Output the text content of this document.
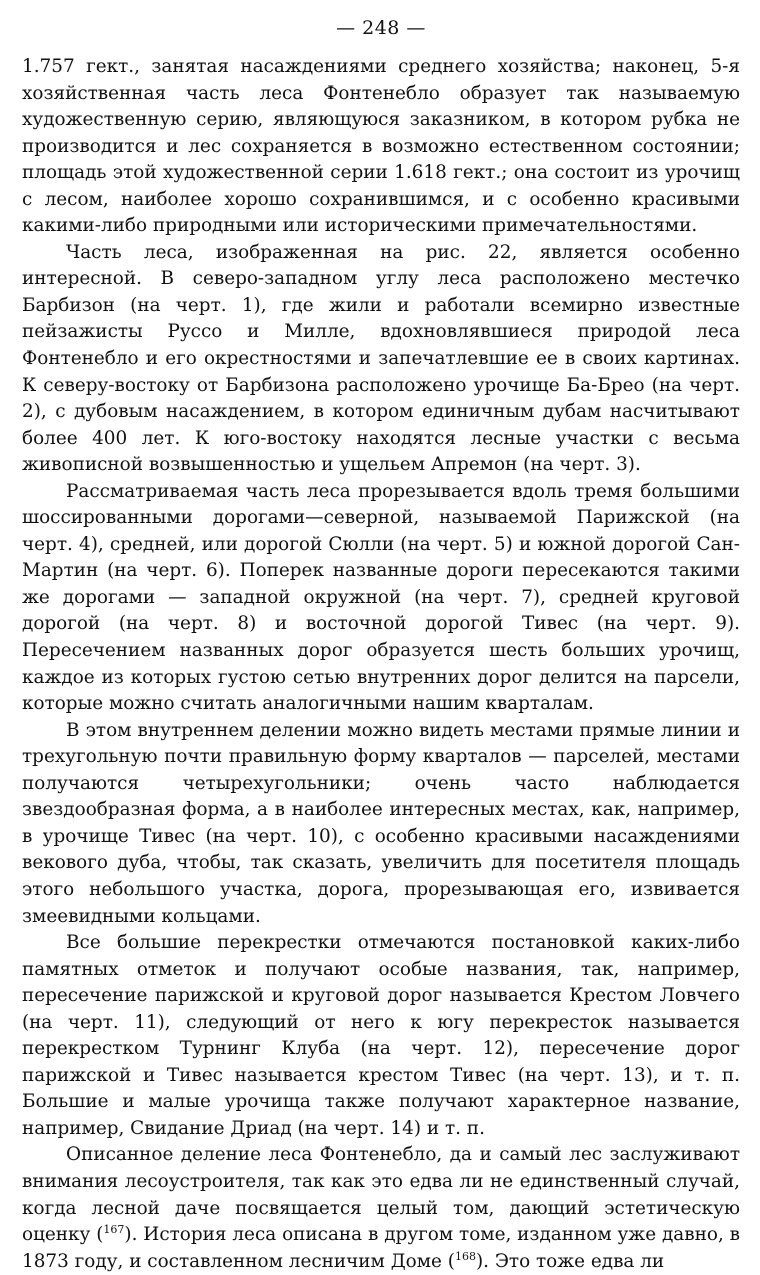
— 248 —

1.757 гект., занятая насаждениями среднего хозяйства; наконец, 5-я хозяйственная часть леса Фонтенебло образует так называемую художественную серию, являющуюся заказником, в котором рубка не производится и лес сохраняется в возможно естественном состоянии; площадь этой художественной серии 1.618 гект.; она состоит из урочищ с лесом, наиболее хорошо сохранившимся, и с особенно красивыми какими-либо природными или историческими примечательностями.

Часть леса, изображенная на рис. 22, является особенно интересной. В северо-западном углу леса расположено местечко Барбизон (на черт. 1), где жили и работали всемирно известные пейзажисты Руссо и Милле, вдохновлявшиеся природой леса Фонтенебло и его окрестностями и запечатлевшие ее в своих картинах. К северу-востоку от Барбизона расположено урочище Ба-Брео (на черт. 2), с дубовым насаждением, в котором единичным дубам насчитывают более 400 лет. К юго-востоку находятся лесные участки с весьма живописной возвышенностью и ущельем Апремон (на черт. 3).

Рассматриваемая часть леса прорезывается вдоль тремя большими шоссированными дорогами—северной, называемой Парижской (на черт. 4), средней, или дорогой Сюлли (на черт. 5) и южной дорогой Сан-Мартин (на черт. 6). Поперек названные дороги пересекаются такими же дорогами — западной окружной (на черт. 7), средней круговой дорогой (на черт. 8) и восточной дорогой Тивес (на черт. 9). Пересечением названных дорог образуется шесть больших урочищ, каждое из которых густою сетью внутренних дорог делится на парсели, которые можно считать аналогичными нашим кварталам.

В этом внутреннем делении можно видеть местами прямые линии и трехугольную почти правильную форму кварталов — парселей, местами получаются четырехугольники; очень часто наблюдается звездообразная форма, а в наиболее интересных местах, как, например, в урочище Тивес (на черт. 10), с особенно красивыми насаждениями векового дуба, чтобы, так сказать, увеличить для посетителя площадь этого небольшого участка, дорога, прорезывающая его, извивается змеевидными кольцами.

Все большие перекрестки отмечаются постановкой каких-либо памятных отметок и получают особые названия, так, например, пересечение парижской и круговой дорог называется Крестом Ловчего (на черт. 11), следующий от него к югу перекресток называется перекрестком Турнинг Клуба (на черт. 12), пересечение дорог парижской и Тивес называется крестом Тивес (на черт. 13), и т. п. Большие и малые урочища также получают характерное название, например, Свидание Дриад (на черт. 14) и т. п.

Описанное деление леса Фонтенебло, да и самый лес заслуживают внимания лесоустроителя, так как это едва ли не единственный случай, когда лесной даче посвящается целый том, дающий эстетическую оценку ($^{167}$). История леса описана в другом томе, изданном уже давно, в 1873 году, и составленном лесничим Доме ($^{168}$). Это тоже едва ли
